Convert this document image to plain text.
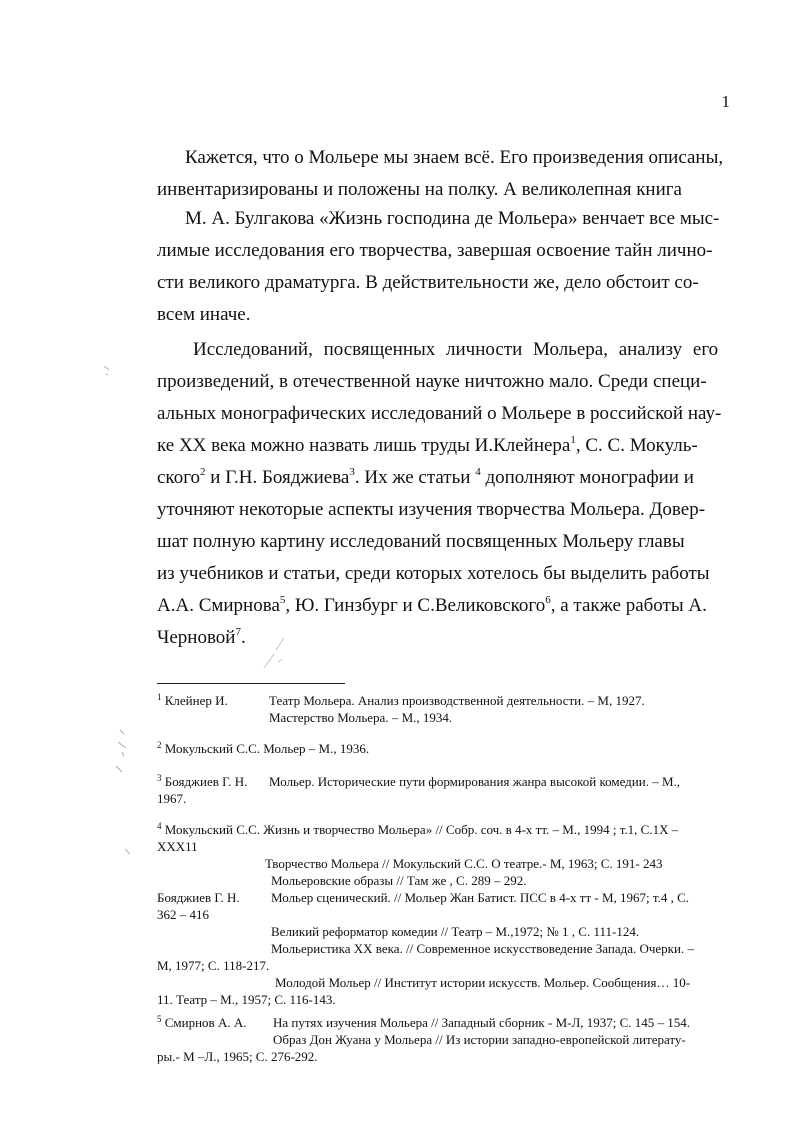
1

Кажется, что о Мольере мы знаем всё. Его произведения описаны,

инвентаризированы и положены на полку. А великолепная книга

М. А. Булгакова «Жизнь господина де Мольера» венчает все мыс-
лимые исследования его творчества, завершая освоение тайн лично-
сти великого драматурга. В действительности же, дело обстоит со-
всем иначе.
Исследований, посвященных личности Мольера, анализу его
произведений, в отечественной науке ничтожно мало. Среди специ-
альных монографических исследований о Мольере в российской нау-
ке XX века можно назвать лишь труды И.Клейнера$^1$, С. С. Мокуль-
ского$^2$ и Г.Н. Бояджиева$^3$. Их же статьи $^4$ дополняют монографии и
уточняют некоторые аспекты изучения творчества Мольера. Довер-
шат полную картину исследований посвященных Мольеру главы
из учебников и статьи, среди которых хотелось бы выделить работы
А.А. Смирнова$^5$, Ю. Гинзбург и С.Великовского$^6$, а также работы А.
Черновой$^7$.
$^1$ Клейнер И.	Театр Мольера. Анализ производственной деятельности. – М, 1927.
Мастерство Мольера. – М., 1934.
$^2$ Мокульский С.С. Мольер – М., 1936.
$^3$ Бояджиев Г. Н. Мольер. Исторические пути формирования жанра высокой комедии. – М.,
1967.
$^4$ Мокульский С.С. Жизнь и творчество Мольера» // Собр. соч. в 4-х тт. – М., 1994 ; т.1, С.1Х –
XXX11
Творчество Мольера // Мокульский С.С. О театре.- М, 1963; С. 191- 243
Мольеровские образы // Там же , С. 289 – 292.
Бояджиев Г. Н. Мольер сценический. // Мольер Жан Батист. ПСС в 4-х тт - М, 1967; т.4 , С.
362 – 416
Великий реформатор комедии // Театр – М.,1972; № 1 , С. 111-124.
Мольеристика XX века. // Современное искусствоведение Запада. Очерки. –
М, 1977; С. 118-217.
Молодой Мольер // Институт истории искусств. Мольер. Сообщения… 10-
11. Театр – М., 1957; С. 116-143.
$^5$ Смирнов А. А. На путях изучения Мольера // Западный сборник - М-Л, 1937; С. 145 – 154.
Образ Дон Жуана у Мольера // Из истории западно-европейской литерату-
ры.- М –Л., 1965; С. 276-292.
